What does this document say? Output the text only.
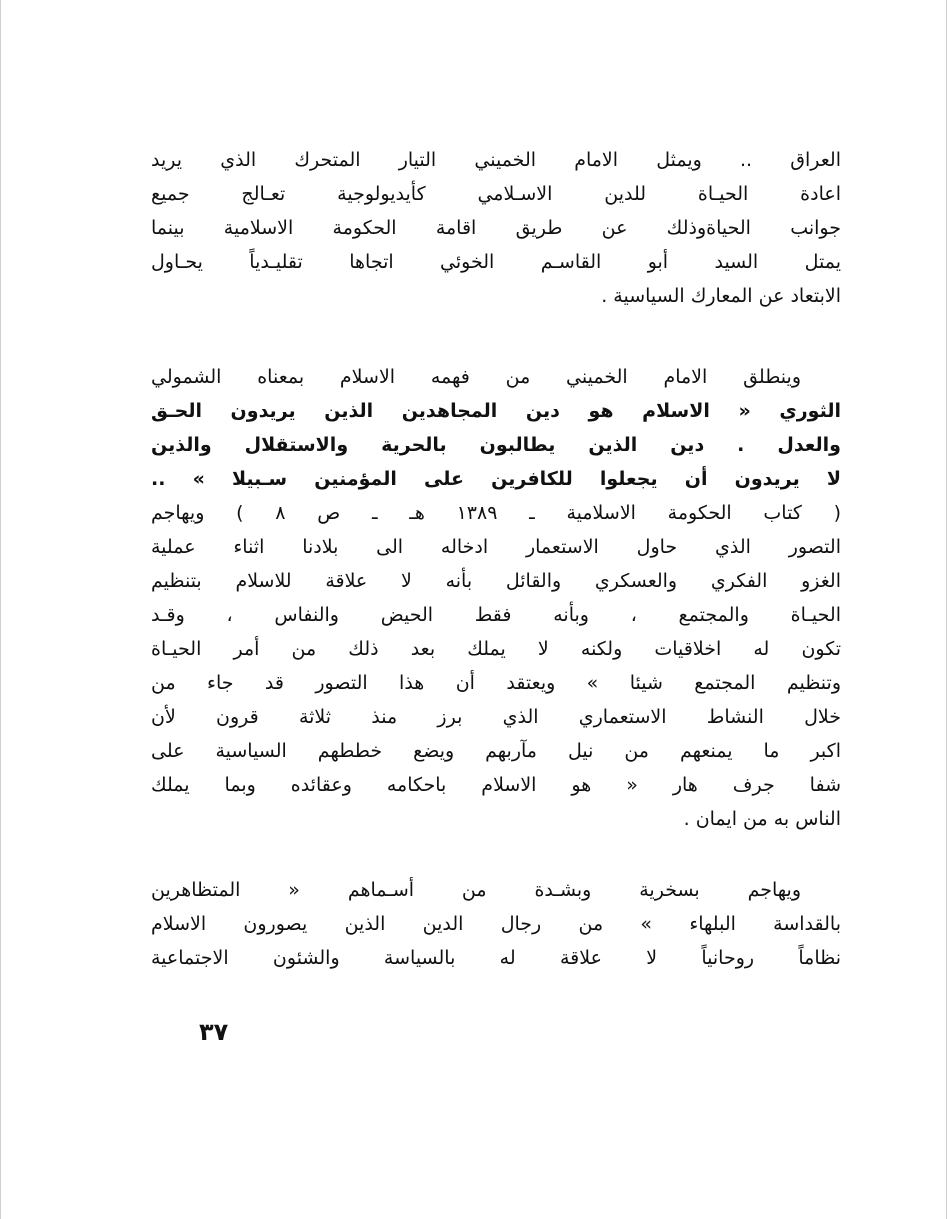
العراق .. ويمثل الامام الخميني التيار المتحرك الذي يريد
اعادة الحيـاة للدين الاسـلامي كأيديولوجية تعـالج جميع
جوانب الحياةوذلك عن طريق اقامة الحكومة الاسلامية بينما
يمتل السيد أبو القاسـم الخوئي اتجاها تقليـدياً يحـاول
الابتعاد عن المعارك السياسية .
وينطلق الامام الخميني من فهمه الاسلام بمعناه الشمولي
الثوري « الاسلام هو دين المجاهدين الذين يريدون الحـق
والعدل . دين الذين يطالبون بالحرية والاستقلال والذين
لا يريدون أن يجعلوا للكافرين على المؤمنين سـبيلا » ..
( كتاب الحكومة الاسلامية ـ ١٣٨٩ هـ ـ ص ٨ ) ويهاجم
التصور الذي حاول الاستعمار ادخاله الى بلادنا اثناء عملية
الغزو الفكري والعسكري والقائل بأنه لا علاقة للاسلام بتنظيم
الحيـاة والمجتمع ، وبأنه فقط الحيض والنفاس ، وقـد
تكون له اخلاقيات ولكنه لا يملك بعد ذلك من أمر الحيـاة
وتنظيم المجتمع شيئا » ويعتقد أن هذا التصور قد جاء من
خلال النشاط الاستعماري الذي برز منذ ثلاثة قرون لأن
اكبر ما يمنعهم من نيل مآربهم ويضع خططهم السياسية على
شفا جرف هار « هو الاسلام باحكامه وعقائده وبما يملك
الناس به من ايمان .
ويهاجم بسخرية وبشـدة من أسـماهم « المتظاهرين
بالقداسة البلهاء » من رجال الدين الذين يصورون الاسلام
نظاماً روحانياً لا علاقة له بالسياسة والشئون الاجتماعية
٣٧
